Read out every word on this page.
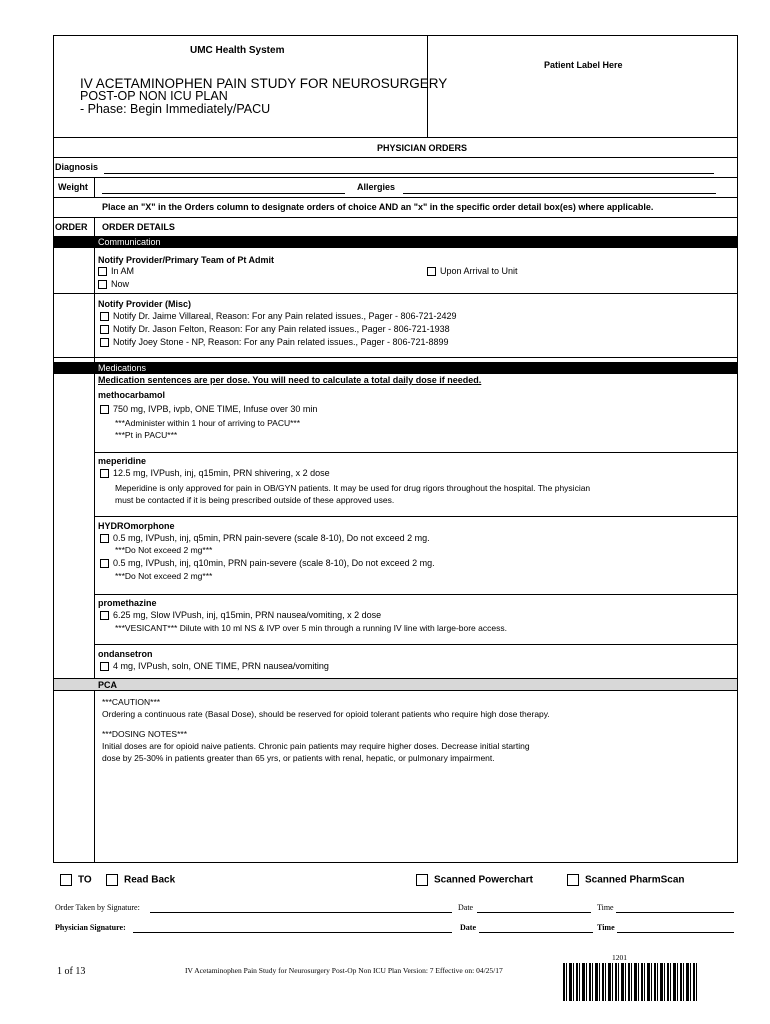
UMC Health System
IV ACETAMINOPHEN PAIN STUDY FOR NEUROSURGERY
POST-OP NON ICU PLAN
- Phase: Begin Immediately/PACU
Patient Label Here
PHYSICIAN ORDERS
Diagnosis
Weight	Allergies
Place an "X" in the Orders column to designate orders of choice AND an "x" in the specific order detail box(es) where applicable.
ORDER ORDER DETAILS
Communication
Notify Provider/Primary Team of Pt Admit
In AM
Now
Upon Arrival to Unit
Notify Provider (Misc)
Notify Dr. Jaime Villareal, Reason: For any Pain related issues., Pager - 806-721-2429
Notify Dr. Jason Felton, Reason: For any Pain related issues., Pager - 806-721-1938
Notify Joey Stone - NP, Reason: For any Pain related issues., Pager - 806-721-8899
Medications
Medication sentences are per dose. You will need to calculate a total daily dose if needed.
methocarbamol
750 mg, IVPB, ivpb, ONE TIME, Infuse over 30 min
***Administer within 1 hour of arriving to PACU***
***Pt in PACU***
meperidine
12.5 mg, IVPush, inj, q15min, PRN shivering, x 2 dose
Meperidine is only approved for pain in OB/GYN patients. It may be used for drug rigors throughout the hospital. The physician
must be contacted if it is being prescribed outside of these approved uses.
HYDROmorphone
0.5 mg, IVPush, inj, q5min, PRN pain-severe (scale 8-10), Do not exceed 2 mg.
***Do Not exceed 2 mg***
0.5 mg, IVPush, inj, q10min, PRN pain-severe (scale 8-10), Do not exceed 2 mg.
***Do Not exceed 2 mg***
promethazine
6.25 mg, Slow IVPush, inj, q15min, PRN nausea/vomiting, x 2 dose
***VESICANT*** Dilute with 10 ml NS & IVP over 5 min through a running IV line with large-bore access.
ondansetron
4 mg, IVPush, soln, ONE TIME, PRN nausea/vomiting
PCA
***CAUTION***
Ordering a continuous rate (Basal Dose), should be reserved for opioid tolerant patients who require high dose therapy.
***DOSING NOTES***
Initial doses are for opioid naive patients. Chronic pain patients may require higher doses. Decrease initial starting
dose by 25-30% in patients greater than 65 yrs, or patients with renal, hepatic, or pulmonary impairment.
TO	Read Back	Scanned Powerchart	Scanned PharmScan
Order Taken by Signature:	Date	Time
Physician Signature:	Date	Time
1 of 13	IV Acetaminophen Pain Study for Neurosurgery Post-Op Non ICU Plan Version: 7 Effective on: 04/25/17
1201
